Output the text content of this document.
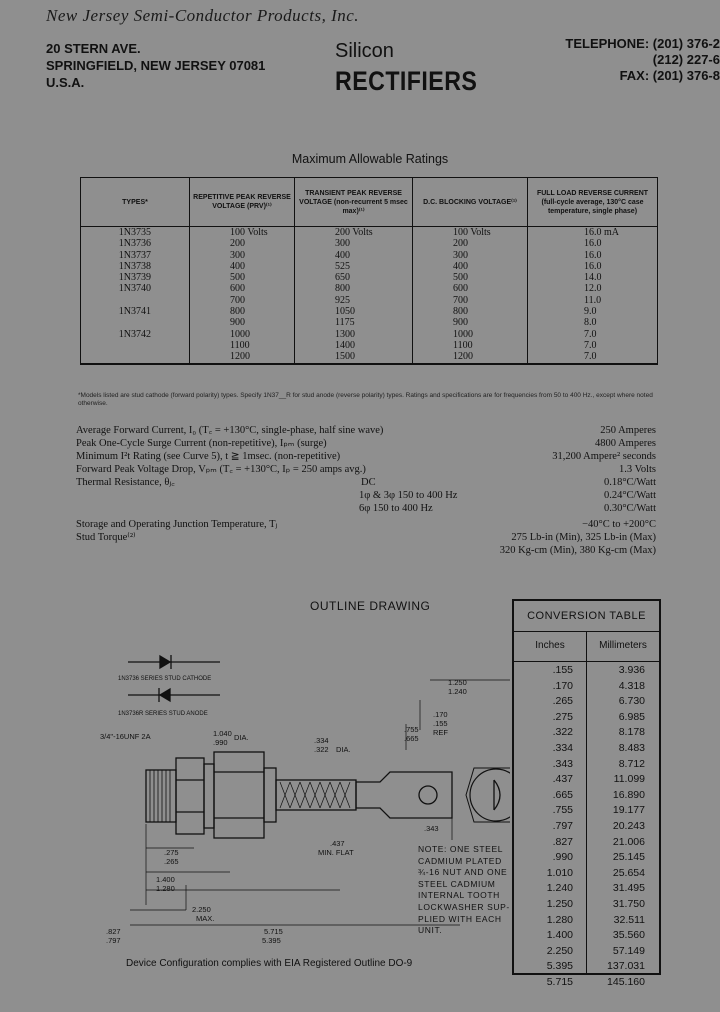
New Jersey Semi-Conductor Products, Inc.
20 STERN AVE.
SPRINGFIELD, NEW JERSEY 07081
U.S.A.
Silicon
RECTIFIERS
TELEPHONE: (201) 376-2
(212) 227-6
FAX: (201) 376-8
Maximum Allowable Ratings
TYPES*	REPETITIVE PEAK REVERSE VOLTAGE (PRV)⁽¹⁾	TRANSIENT PEAK REVERSE VOLTAGE (non-recurrent 5 msec max)⁽¹⁾	D.C. BLOCKING VOLTAGE⁽¹⁾	FULL LOAD REVERSE CURRENT (full-cycle average, 130°C case temperature, single phase)
1N3735	100 Volts	200 Volts	100 Volts	16.0 mA
1N3736	200	300	200	16.0
1N3737	300	400	300	16.0
1N3738	400	525	400	16.0
1N3739	500	650	500	14.0
1N3740	600	800	600	12.0
	700	925	700	11.0
1N3741	800	1050	800	9.0
	900	1175	900	8.0
1N3742	1000	1300	1000	7.0
	1100	1400	1100	7.0
	1200	1500	1200	7.0
*Models listed are stud cathode (forward polarity) types. Specify 1N37__R for stud anode (reverse polarity) types. Ratings and specifications are for frequencies from 50 to 400 Hz., except where noted otherwise.
Average Forward Current, I₀ (T꜀ = +130°C, single-phase, half sine wave)	250 Amperes
Peak One-Cycle Surge Current (non-repetitive), Iₚₘ (surge)	4800 Amperes
Minimum I²t Rating (see Curve 5), t ≧ 1msec. (non-repetitive)	31,200 Ampere² seconds
Forward Peak Voltage Drop, Vₚₘ (T꜀ = +130°C, Iₚ = 250 amps avg.)	1.3 Volts
Thermal Resistance, θⱼ꜀	DC	0.18°C/Watt
1φ & 3φ 150 to 400 Hz	0.24°C/Watt
6φ 150 to 400 Hz	0.30°C/Watt
Storage and Operating Junction Temperature, Tⱼ	−40°C to +200°C
Stud Torque⁽²⁾	275 Lb-in (Min), 325 Lb-in (Max)
320 Kg-cm (Min), 380 Kg-cm (Max)
OUTLINE DRAWING
1N3736 SERIES STUD CATHODE
1N3736R SERIES STUD ANODE
3/4"-16UNF 2A	1.040 DIA.
.990	.334
.322 DIA.
.755
.665
.170
.155
REF
1.250
1.240
.343
.437
MIN. FLAT
.275
.265
1.400
1.280
2.250
MAX.
.827
.797
5.715
5.395
NOTE: ONE STEEL
CADMIUM PLATED
¾-16 NUT AND ONE
STEEL CADMIUM
INTERNAL TOOTH
LOCKWASHER SUP-
PLIED WITH EACH
UNIT.
Device Configuration complies with EIA Registered Outline DO-9
CONVERSION TABLE
Inches	Millimeters
.155	3.936
.170	4.318
.265	6.730
.275	6.985
.322	8.178
.334	8.483
.343	8.712
.437	11.099
.665	16.890
.755	19.177
.797	20.243
.827	21.006
.990	25.145
1.010	25.654
1.240	31.495
1.250	31.750
1.280	32.511
1.400	35.560
2.250	57.149
5.395	137.031
5.715	145.160
